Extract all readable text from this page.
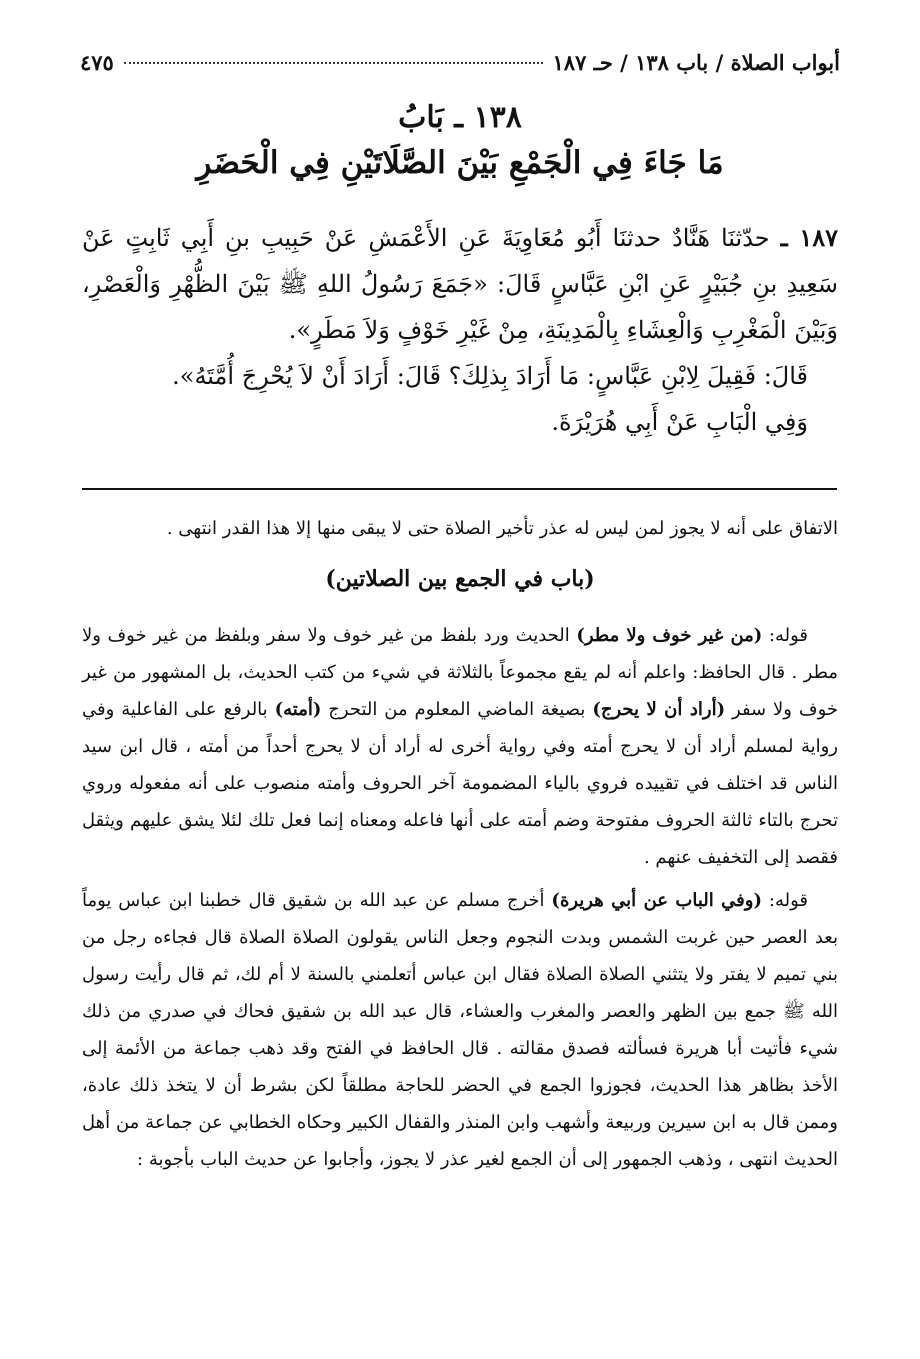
أبواب الصلاة / باب ١٣٨ / حـ ١٨٧
٤٧٥
١٣٨ ـ بَابُ
مَا جَاءَ فِي الْجَمْعِ بَيْنَ الصَّلَاتَيْنِ فِي الْحَضَرِ

١٨٧ ـ حدّثنَا هَنَّادٌ حدثنَا أَبُو مُعَاوِيَةَ عَنِ الأَعْمَشِ عَنْ حَبِيبِ بنِ أَبِي ثَابِتٍ عَنْ سَعِيدِ بنِ جُبَيْرٍ عَنِ ابْنِ عَبَّاسٍ قَالَ: «جَمَعَ رَسُولُ اللهِ ﷺ بَيْنَ الظُّهْرِ وَالْعَصْرِ، وَبَيْنَ الْمَغْرِبِ وَالْعِشَاءِ بِالْمَدِينَةِ، مِنْ غَيْرِ خَوْفٍ وَلاَ مَطَرٍ».

قَالَ: فَقِيلَ لِابْنِ عَبَّاسٍ: مَا أَرَادَ بِذلِكَ؟ قَالَ: أَرَادَ أَنْ لاَ يُحْرِجَ أُمَّتَهُ».

وَفِي الْبَابِ عَنْ أَبِي هُرَيْرَةَ.

الاتفاق على أنه لا يجوز لمن ليس له عذر تأخير الصلاة حتى لا يبقى منها إلا هذا القدر انتهى .

(باب في الجمع بين الصلاتين)

قوله: (من غير خوف ولا مطر) الحديث ورد بلفظ من غير خوف ولا سفر وبلفظ من غير خوف ولا مطر . قال الحافظ: واعلم أنه لم يقع مجموعاً بالثلاثة في شيء من كتب الحديث، بل المشهور من غير خوف ولا سفر (أراد أن لا يحرج) بصيغة الماضي المعلوم من التحرج (أمته) بالرفع على الفاعلية وفي رواية لمسلم أراد أن لا يحرج أمته وفي رواية أخرى له أراد أن لا يحرج أحداً من أمته ، قال ابن سيد الناس قد اختلف في تقييده فروي بالياء المضمومة آخر الحروف وأمته منصوب على أنه مفعوله وروي تحرج بالتاء ثالثة الحروف مفتوحة وضم أمته على أنها فاعله ومعناه إنما فعل تلك لئلا يشق عليهم ويثقل فقصد إلى التخفيف عنهم .

قوله: (وفي الباب عن أبي هريرة) أخرج مسلم عن عبد الله بن شقيق قال خطبنا ابن عباس يوماً بعد العصر حين غربت الشمس وبدت النجوم وجعل الناس يقولون الصلاة الصلاة قال فجاءه رجل من بني تميم لا يفتر ولا يتثني الصلاة الصلاة فقال ابن عباس أتعلمني بالسنة لا أم لك، ثم قال رأيت رسول الله ﷺ جمع بين الظهر والعصر والمغرب والعشاء، قال عبد الله بن شقيق فحاك في صدري من ذلك شيء فأتيت أبا هريرة فسألته فصدق مقالته . قال الحافظ في الفتح وقد ذهب جماعة من الأئمة إلى الأخذ بظاهر هذا الحديث، فجوزوا الجمع في الحضر للحاجة مطلقاً لكن بشرط أن لا يتخذ ذلك عادة، وممن قال به ابن سيرين وربيعة وأشهب وابن المنذر والقفال الكبير وحكاه الخطابي عن جماعة من أهل الحديث انتهى ، وذهب الجمهور إلى أن الجمع لغير عذر لا يجوز، وأجابوا عن حديث الباب بأجوبة :
